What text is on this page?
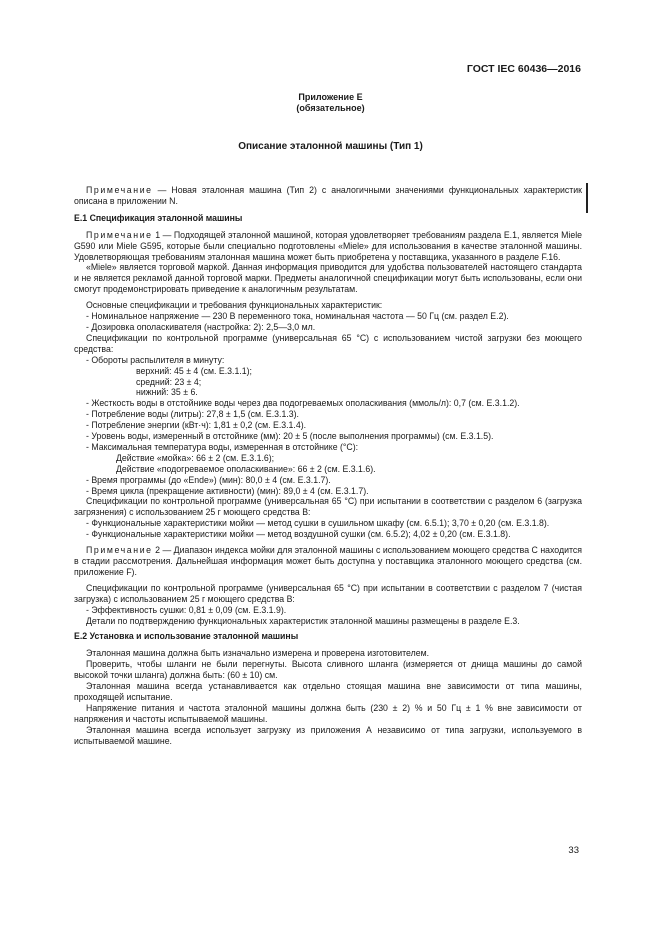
ГОСТ IEC 60436—2016
Приложение Е
(обязательное)
Описание эталонной машины (Тип 1)

Примечание — Новая эталонная машина (Тип 2) с аналогичными значениями функциональных характеристик описана в приложении N.

Е.1 Спецификация эталонной машины

Примечание 1 — Подходящей эталонной машиной, которая удовлетворяет требованиям раздела Е.1, является Miele G590 или Miele G595, которые были специально подготовлены «Miele» для использования в качестве эталонной машины. Удовлетворяющая требованиям эталонная машина может быть приобретена у поставщика, указанного в разделе F.16.

«Miele» является торговой маркой. Данная информация приводится для удобства пользователей настоящего стандарта и не является рекламой данной торговой марки. Предметы аналогичной спецификации могут быть использованы, если они смогут продемонстрировать приведение к аналогичным результатам.

Основные спецификации и требования функциональных характеристик:

- Номинальное напряжение — 230 В переменного тока, номинальная частота — 50 Гц (см. раздел Е.2).

- Дозировка ополаскивателя (настройка: 2): 2,5—3,0 мл.

Спецификации по контрольной программе (универсальная 65 °С) с использованием чистой загрузки без моющего средства:

- Обороты распылителя в минуту:

верхний: 45 ± 4 (см. Е.3.1.1);

средний: 23 ± 4;

нижний: 35 ± 6.

- Жесткость воды в отстойнике воды через два подогреваемых ополаскивания (ммоль/л): 0,7 (см. Е.3.1.2).

- Потребление воды (литры): 27,8 ± 1,5 (см. Е.3.1.3).

- Потребление энергии (кВт·ч): 1,81 ± 0,2 (см. Е.3.1.4).

- Уровень воды, измеренный в отстойнике (мм): 20 ± 5 (после выполнения программы) (см. Е.3.1.5).

- Максимальная температура воды, измеренная в отстойнике (°С):

Действие «мойка»: 66 ± 2 (см. Е.3.1.6);

Действие «подогреваемое ополаскивание»: 66 ± 2 (см. Е.3.1.6).

- Время программы (до «Ende») (мин): 80,0 ± 4 (см. Е.3.1.7).

- Время цикла (прекращение активности) (мин): 89,0 ± 4 (см. Е.3.1.7).

Спецификации по контрольной программе (универсальная 65 °С) при испытании в соответствии с разделом 6 (загрузка загрязнения) с использованием 25 г моющего средства В:

- Функциональные характеристики мойки — метод сушки в сушильном шкафу (см. 6.5.1); 3,70 ± 0,20 (см. Е.3.1.8).

- Функциональные характеристики мойки — метод воздушной сушки (см. 6.5.2); 4,02 ± 0,20 (см. Е.3.1.8).

Примечание 2 — Диапазон индекса мойки для эталонной машины с использованием моющего средства С находится в стадии рассмотрения. Дальнейшая информация может быть доступна у поставщика эталонного моющего средства (см. приложение F).

Спецификации по контрольной программе (универсальная 65 °С) при испытании в соответствии с разделом 7 (чистая загрузка) с использованием 25 г моющего средства В:

- Эффективность сушки: 0,81 ± 0,09 (см. Е.3.1.9).

Детали по подтверждению функциональных характеристик эталонной машины размещены в разделе Е.3.

Е.2 Установка и использование эталонной машины

Эталонная машина должна быть изначально измерена и проверена изготовителем.

Проверить, чтобы шланги не были перегнуты. Высота сливного шланга (измеряется от днища машины до самой высокой точки шланга) должна быть: (60 ± 10) см.

Эталонная машина всегда устанавливается как отдельно стоящая машина вне зависимости от типа машины, проходящей испытание.

Напряжение питания и частота эталонной машины должна быть (230 ± 2) % и 50 Гц ± 1 % вне зависимости от напряжения и частоты испытываемой машины.

Эталонная машина всегда использует загрузку из приложения А независимо от типа загрузки, используемого в испытываемой машине.

33
